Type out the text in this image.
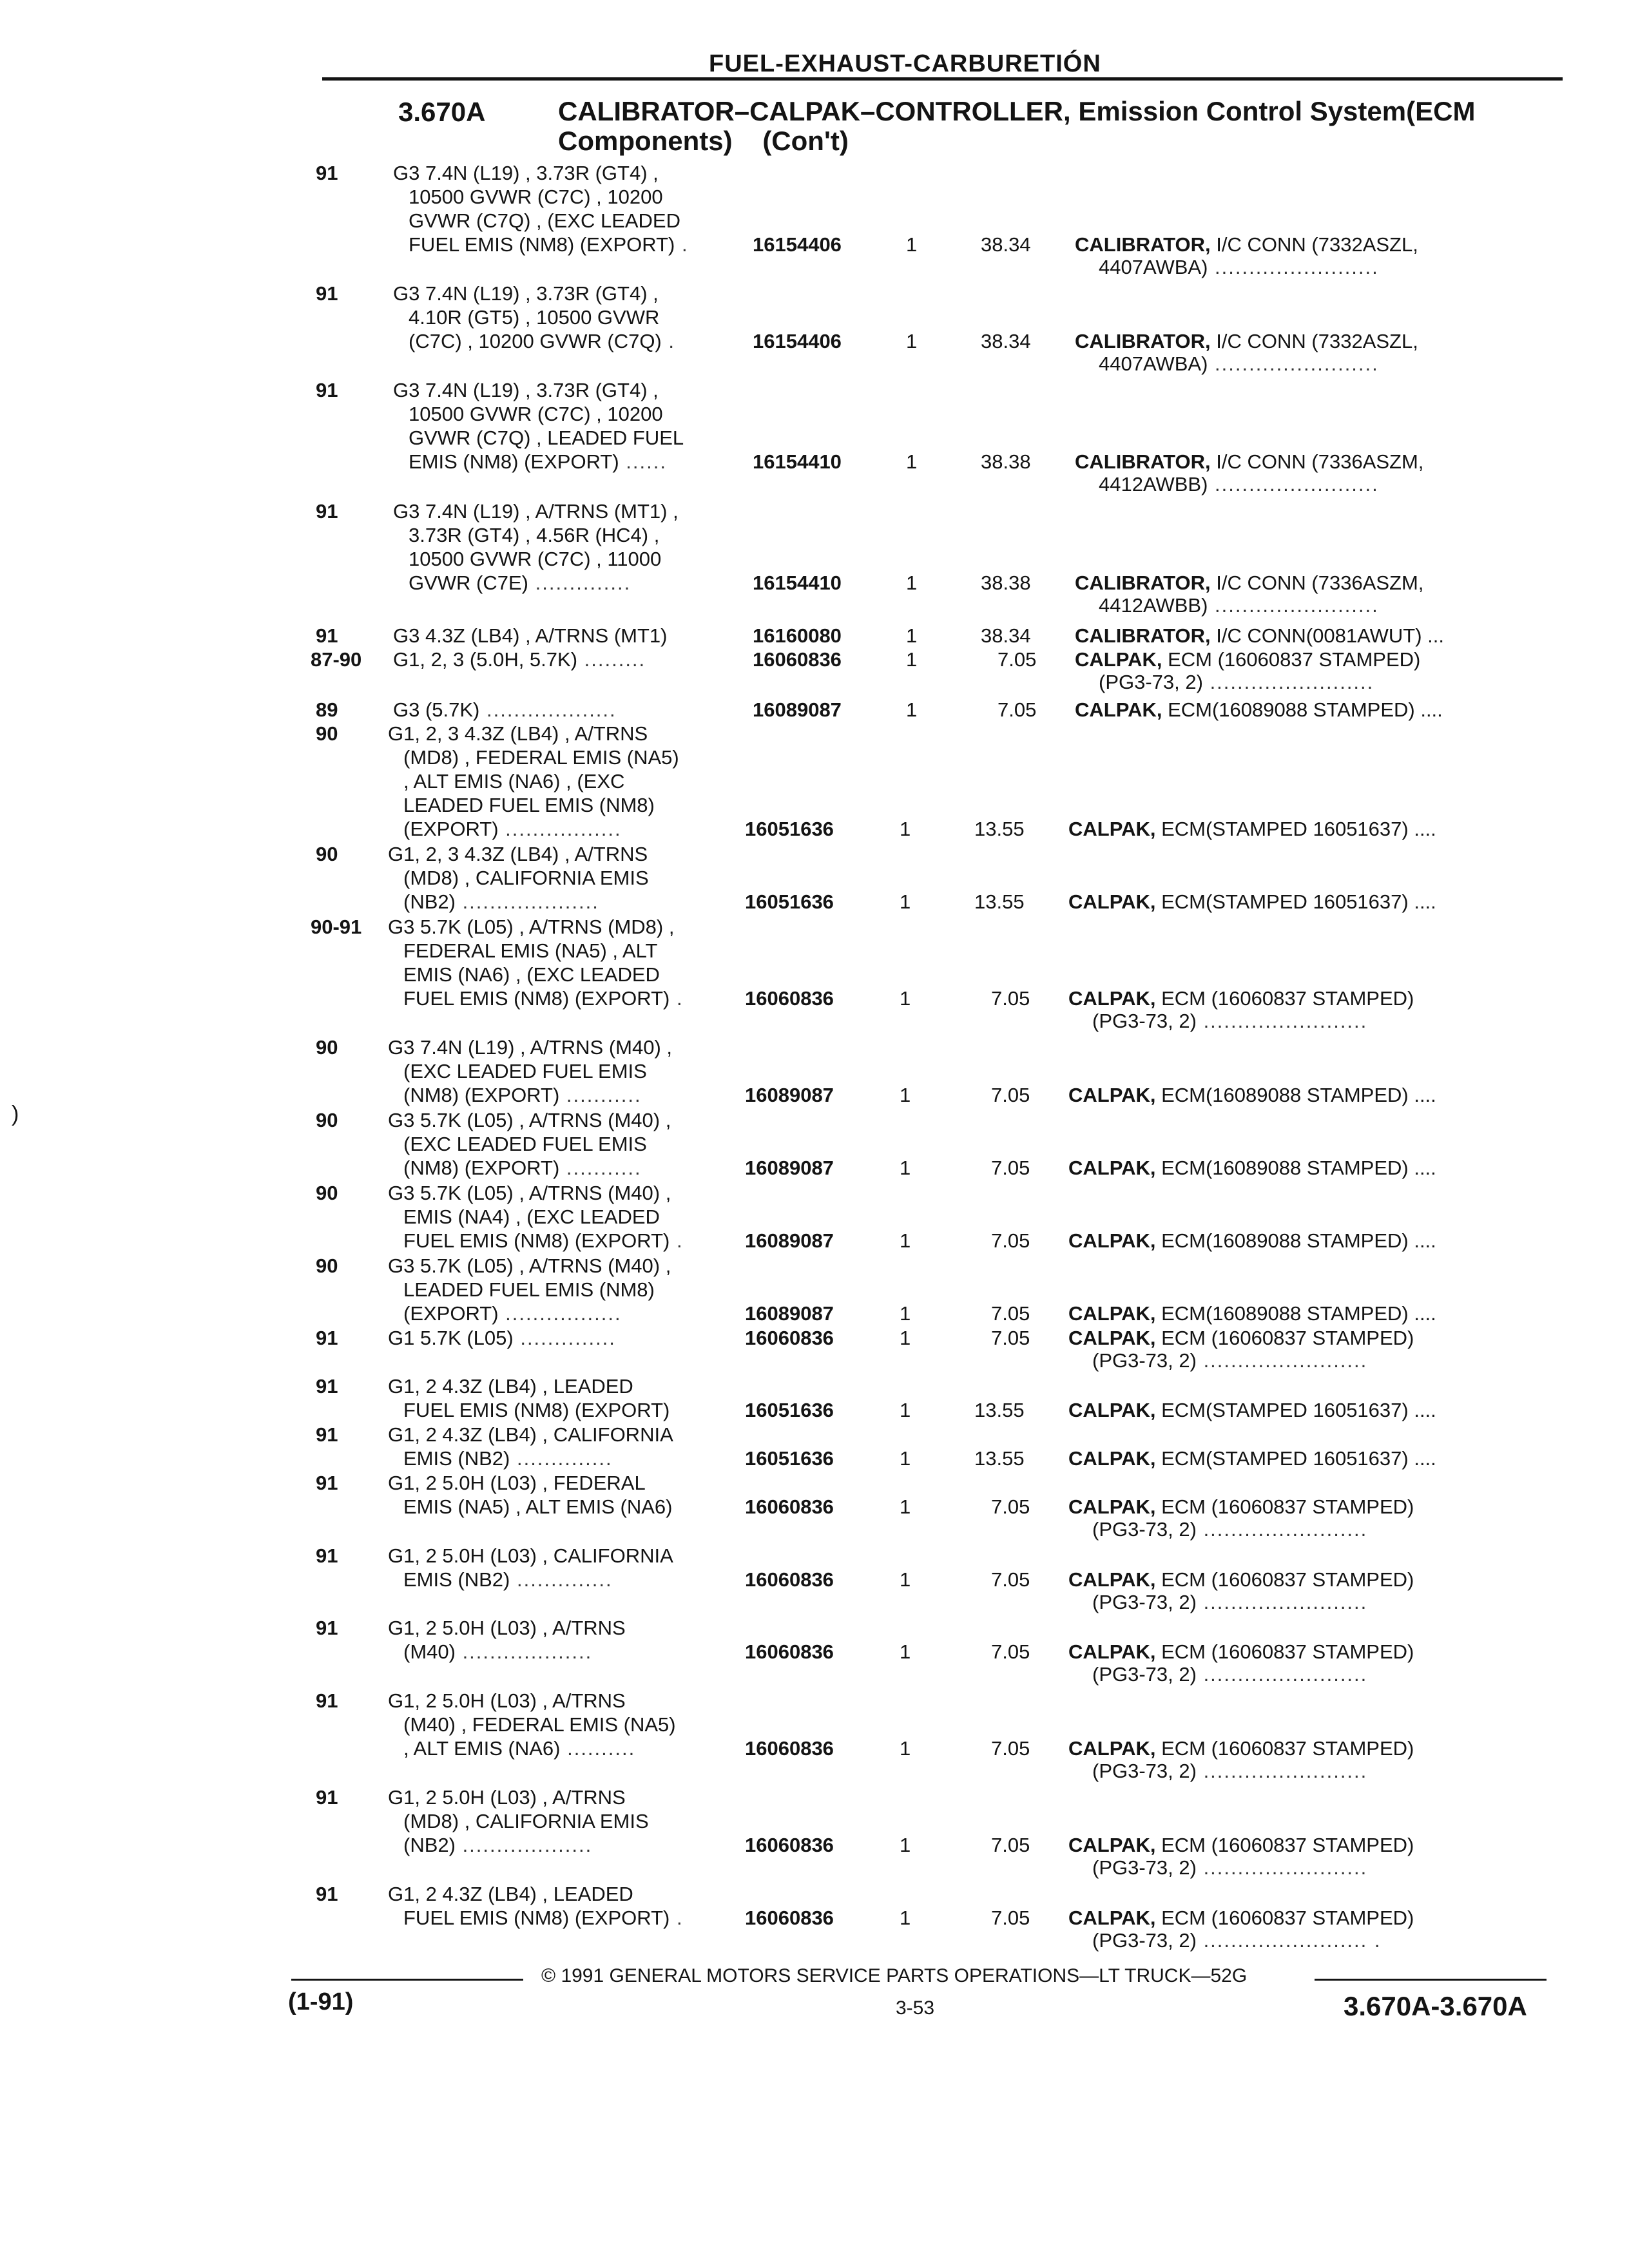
FUEL-EXHAUST-CARBURETIÓN
3.670A	CALIBRATOR–CALPAK–CONTROLLER, Emission Control System(ECM
Components)    (Con't)
91	G3 7.4N (L19) , 3.73R (GT4) ,
10500 GVWR (C7C) , 10200
GVWR (C7Q) , (EXC LEADED
FUEL EMIS (NM8) (EXPORT) .	16154406	1	38.34 CALIBRATOR, I/C CONN (7332ASZL,
4407AWBA) ........................
91	G3 7.4N (L19) , 3.73R (GT4) ,
4.10R (GT5) , 10500 GVWR
(C7C) , 10200 GVWR (C7Q) .	16154406	1	38.34 CALIBRATOR, I/C CONN (7332ASZL,
4407AWBA) ........................
91	G3 7.4N (L19) , 3.73R (GT4) ,
10500 GVWR (C7C) , 10200
GVWR (C7Q) , LEADED FUEL
EMIS (NM8) (EXPORT) ......	16154410	1	38.38 CALIBRATOR, I/C CONN (7336ASZM,
4412AWBB) ........................
91	G3 7.4N (L19) , A/TRNS (MT1) ,
3.73R (GT4) , 4.56R (HC4) ,
10500 GVWR (C7C) , 11000
GVWR (C7E) ..............	16154410	1	38.38 CALIBRATOR, I/C CONN (7336ASZM,
4412AWBB) ........................
91	G3 4.3Z (LB4) , A/TRNS (MT1)	16160080	1	38.34 CALIBRATOR, I/C CONN(0081AWUT) ...
87-90 G1, 2, 3 (5.0H, 5.7K) .........	16060836	1	7.05 CALPAK, ECM (16060837 STAMPED)
(PG3-73, 2) ........................
89	G3 (5.7K) ...................	16089087	1	7.05 CALPAK, ECM(16089088 STAMPED) ....
90	G1, 2, 3 4.3Z (LB4) , A/TRNS
(MD8) , FEDERAL EMIS (NA5)
, ALT EMIS (NA6) , (EXC
LEADED FUEL EMIS (NM8)
(EXPORT) .................	16051636	1	13.55 CALPAK, ECM(STAMPED 16051637) ....
90	G1, 2, 3 4.3Z (LB4) , A/TRNS
(MD8) , CALIFORNIA EMIS
(NB2) ....................	16051636	1	13.55 CALPAK, ECM(STAMPED 16051637) ....
90-91 G3 5.7K (L05) , A/TRNS (MD8) ,
FEDERAL EMIS (NA5) , ALT
EMIS (NA6) , (EXC LEADED
FUEL EMIS (NM8) (EXPORT) .	16060836	1	7.05 CALPAK, ECM (16060837 STAMPED)
(PG3-73, 2) ........................
90	G3 7.4N (L19) , A/TRNS (M40) ,
(EXC LEADED FUEL EMIS
(NM8) (EXPORT) ...........	16089087	1	7.05 CALPAK, ECM(16089088 STAMPED) ....
90	G3 5.7K (L05) , A/TRNS (M40) ,
(EXC LEADED FUEL EMIS
(NM8) (EXPORT) ...........	16089087	1	7.05 CALPAK, ECM(16089088 STAMPED) ....
90	G3 5.7K (L05) , A/TRNS (M40) ,
EMIS (NA4) , (EXC LEADED
FUEL EMIS (NM8) (EXPORT) .	16089087	1	7.05 CALPAK, ECM(16089088 STAMPED) ....
90	G3 5.7K (L05) , A/TRNS (M40) ,
LEADED FUEL EMIS (NM8)
(EXPORT) .................	16089087	1	7.05 CALPAK, ECM(16089088 STAMPED) ....
91	G1 5.7K (L05) ..............	16060836	1	7.05 CALPAK, ECM (16060837 STAMPED)
(PG3-73, 2) ........................
91	G1, 2 4.3Z (LB4) , LEADED
FUEL EMIS (NM8) (EXPORT)	16051636	1	13.55 CALPAK, ECM(STAMPED 16051637) ....
91	G1, 2 4.3Z (LB4) , CALIFORNIA
EMIS (NB2) ..............	16051636	1	13.55 CALPAK, ECM(STAMPED 16051637) ....
91	G1, 2 5.0H (L03) , FEDERAL
EMIS (NA5) , ALT EMIS (NA6)	16060836	1	7.05 CALPAK, ECM (16060837 STAMPED)
(PG3-73, 2) ........................
91	G1, 2 5.0H (L03) , CALIFORNIA
EMIS (NB2) ..............	16060836	1	7.05 CALPAK, ECM (16060837 STAMPED)
(PG3-73, 2) ........................
91	G1, 2 5.0H (L03) , A/TRNS
(M40) ...................	16060836	1	7.05 CALPAK, ECM (16060837 STAMPED)
(PG3-73, 2) ........................
91	G1, 2 5.0H (L03) , A/TRNS
(M40) , FEDERAL EMIS (NA5)
, ALT EMIS (NA6) ..........	16060836	1	7.05 CALPAK, ECM (16060837 STAMPED)
(PG3-73, 2) ........................
91	G1, 2 5.0H (L03) , A/TRNS
(MD8) , CALIFORNIA EMIS
(NB2) ...................	16060836	1	7.05 CALPAK, ECM (16060837 STAMPED)
(PG3-73, 2) ........................
91	G1, 2 4.3Z (LB4) , LEADED
FUEL EMIS (NM8) (EXPORT) .	16060836	1	7.05 CALPAK, ECM (16060837 STAMPED)
(PG3-73, 2) ........................ .
)
© 1991 GENERAL MOTORS SERVICE PARTS OPERATIONS—LT TRUCK—52G
(1-91)	3-53	3.670A-3.670A
